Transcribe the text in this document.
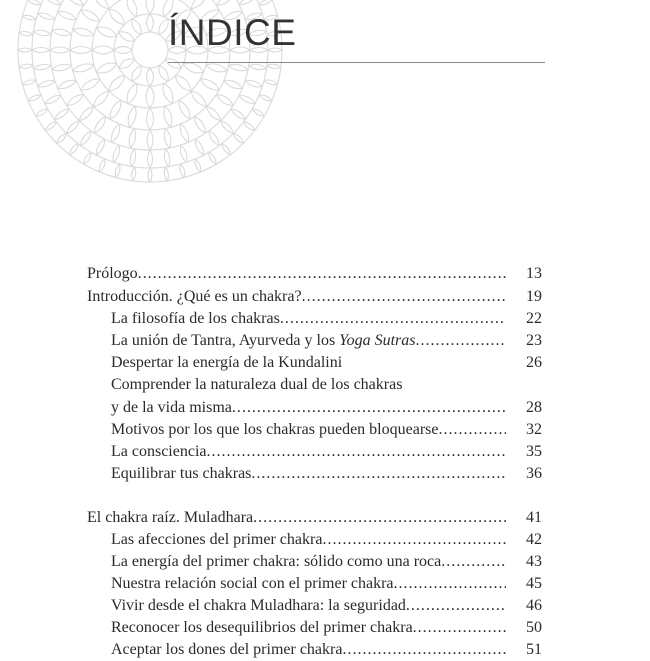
ÍNDICE
Prólogo .....	13
Introducción. ¿Qué es un chakra? .....	19
La filosofía de los chakras .....	22
La unión de Tantra, Ayurveda y los Yoga Sutras .....	23
Despertar la energía de la Kundalini	26
Comprender la naturaleza dual de los chakras
y de la vida misma .....	28
Motivos por los que los chakras pueden bloquearse .....	32
La consciencia .....	35
Equilibrar tus chakras .....	36
El chakra raíz. Muladhara .....	41
Las afecciones del primer chakra .....	42
La energía del primer chakra: sólido como una roca .....	43
Nuestra relación social con el primer chakra .....	45
Vivir desde el chakra Muladhara: la seguridad .....	46
Reconocer los desequilibrios del primer chakra .....	50
Aceptar los dones del primer chakra .....	51
